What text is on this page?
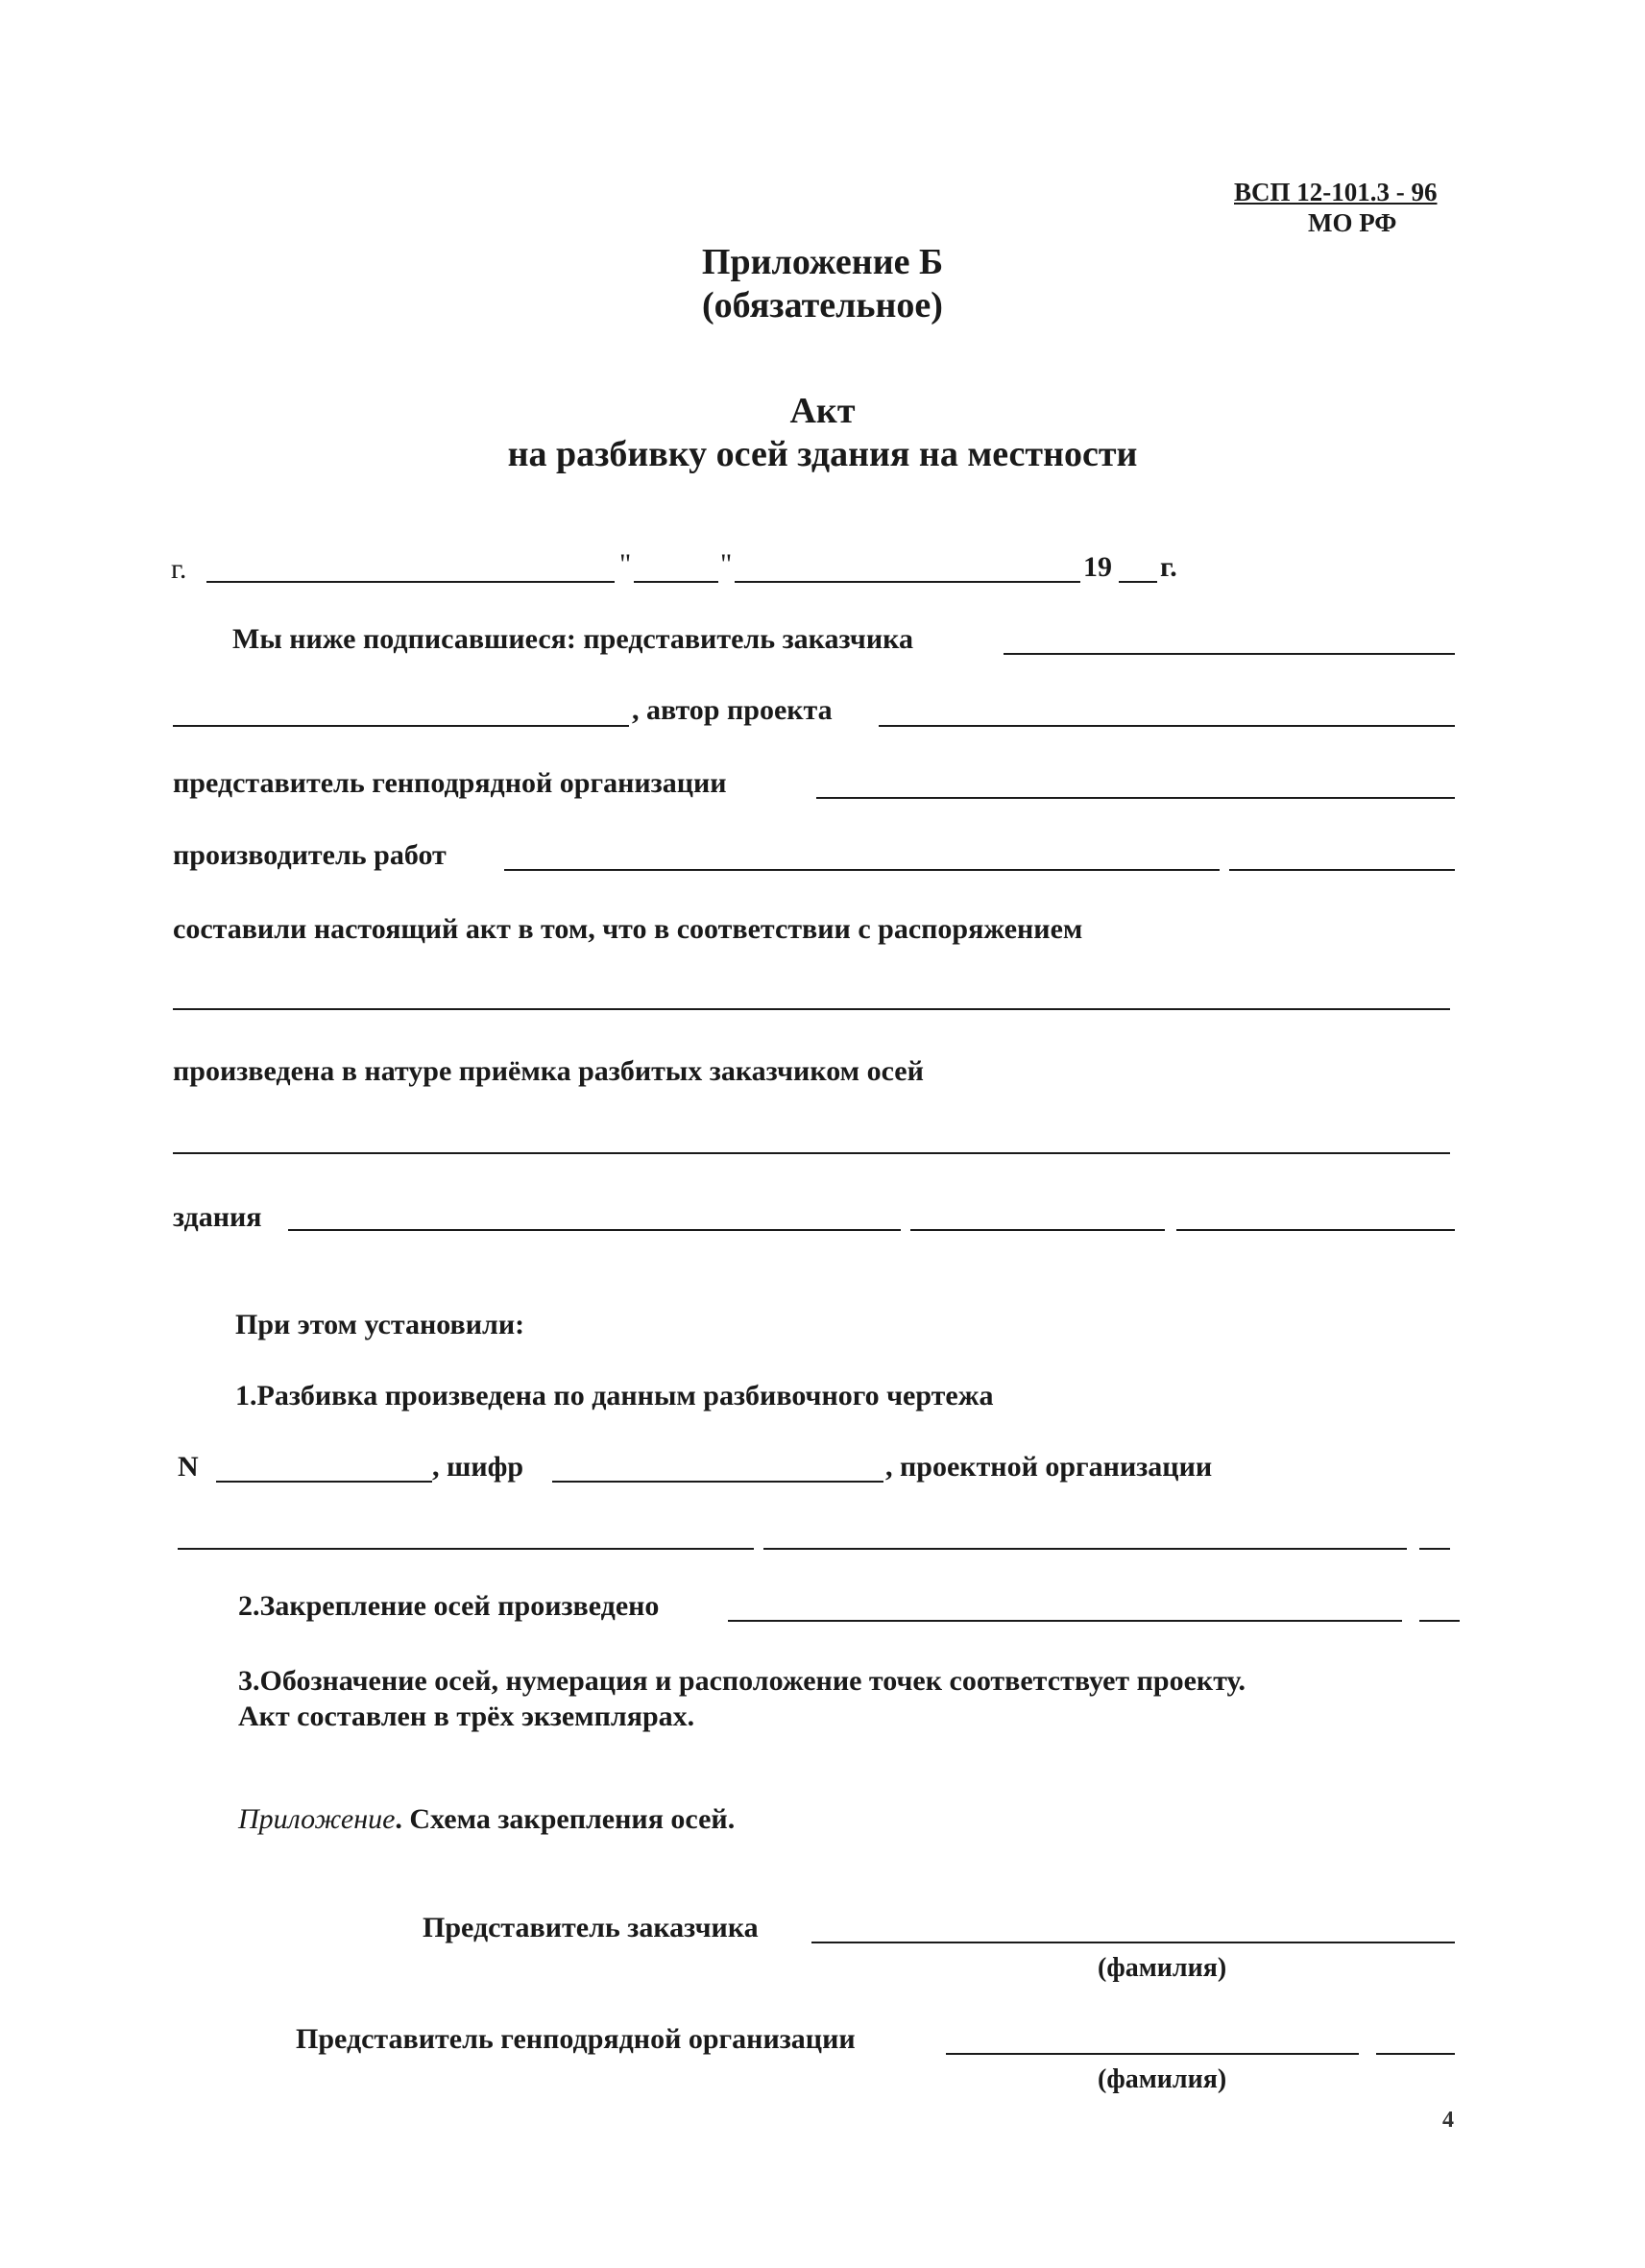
ВСП 12-101.3 - 96
МО РФ
Приложение Б
(обязательное)
Акт
на разбивку осей здания на местности
г.	"	"	19 г.
Мы ниже подписавшиеся: представитель заказчика
, автор проекта
представитель генподрядной организации
производитель работ
составили настоящий акт в том, что в соответствии с распоряжением
произведена в натуре приёмка разбитых заказчиком осей
здания
При этом установили:
1.Разбивка произведена по данным разбивочного чертежа
N	, шифр	, проектной организации
2.Закрепление осей произведено
3.Обозначение осей, нумерация и расположение точек соответствует проекту.
Акт составлен в трёх экземплярах.
Приложение. Схема закрепления осей.
Представитель заказчика
(фамилия)
Представитель генподрядной организации
(фамилия)
4
